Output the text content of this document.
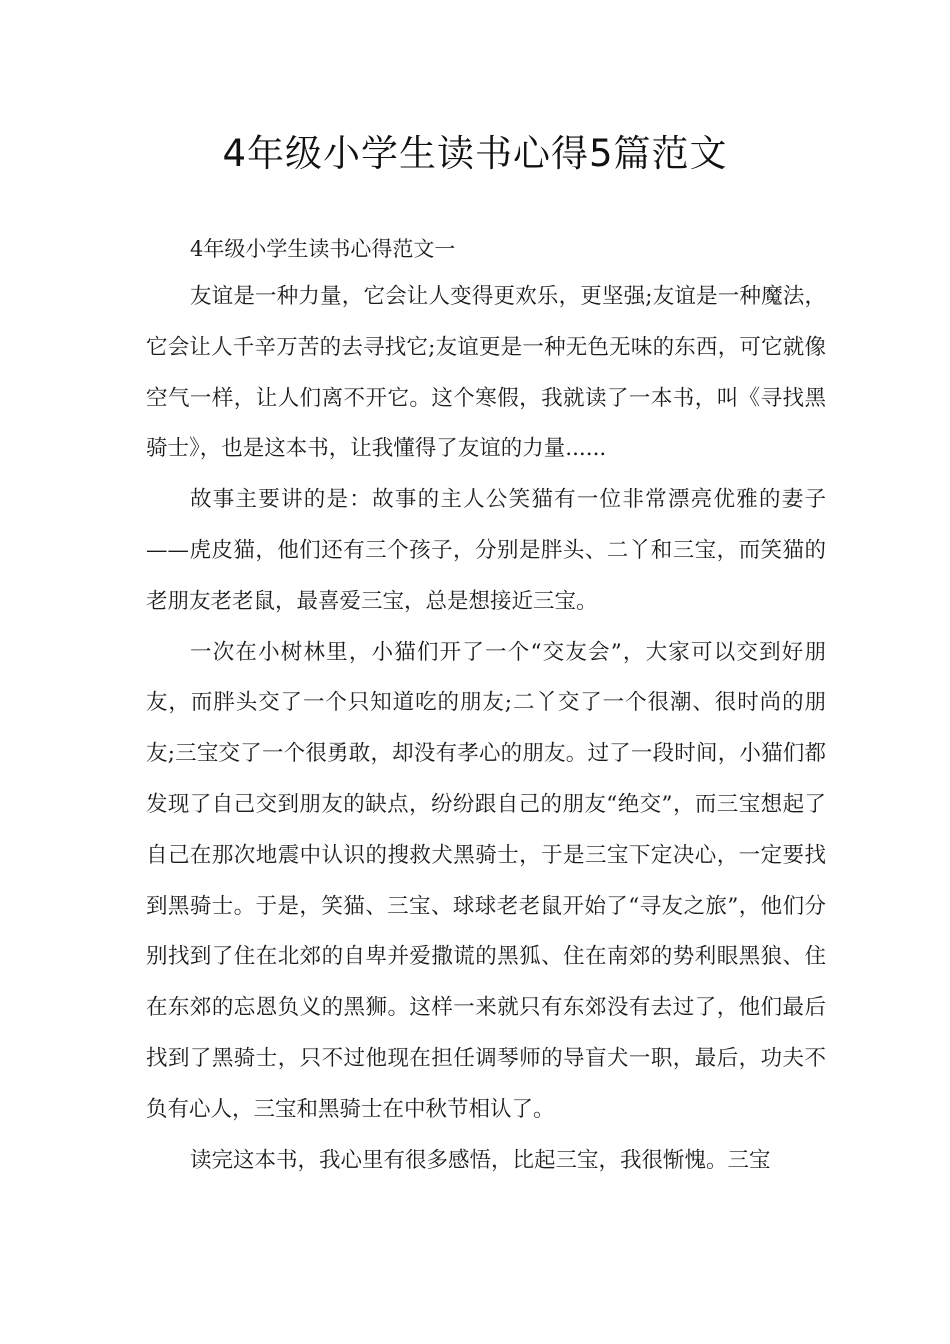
4年级小学生读书心得5篇范文

4年级小学生读书心得范文一

友谊是一种力量，它会让人变得更欢乐，更坚强;友谊是一种魔法，它会让人千辛万苦的去寻找它;友谊更是一种无色无味的东西，可它就像空气一样，让人们离不开它。这个寒假，我就读了一本书，叫《寻找黑骑士》，也是这本书，让我懂得了友谊的力量......

故事主要讲的是：故事的主人公笑猫有一位非常漂亮优雅的妻子——虎皮猫，他们还有三个孩子，分别是胖头、二丫和三宝，而笑猫的老朋友老老鼠，最喜爱三宝，总是想接近三宝。

一次在小树林里，小猫们开了一个“交友会”，大家可以交到好朋友，而胖头交了一个只知道吃的朋友;二丫交了一个很潮、很时尚的朋友;三宝交了一个很勇敢，却没有孝心的朋友。过了一段时间，小猫们都发现了自己交到朋友的缺点，纷纷跟自己的朋友“绝交”，而三宝想起了自己在那次地震中认识的搜救犬黑骑士，于是三宝下定决心，一定要找到黑骑士。于是，笑猫、三宝、球球老老鼠开始了“寻友之旅”，他们分别找到了住在北郊的自卑并爱撒谎的黑狐、住在南郊的势利眼黑狼、住在东郊的忘恩负义的黑狮。这样一来就只有东郊没有去过了，他们最后找到了黑骑士，只不过他现在担任调琴师的导盲犬一职，最后，功夫不负有心人，三宝和黑骑士在中秋节相认了。

读完这本书，我心里有很多感悟，比起三宝，我很惭愧。三宝
